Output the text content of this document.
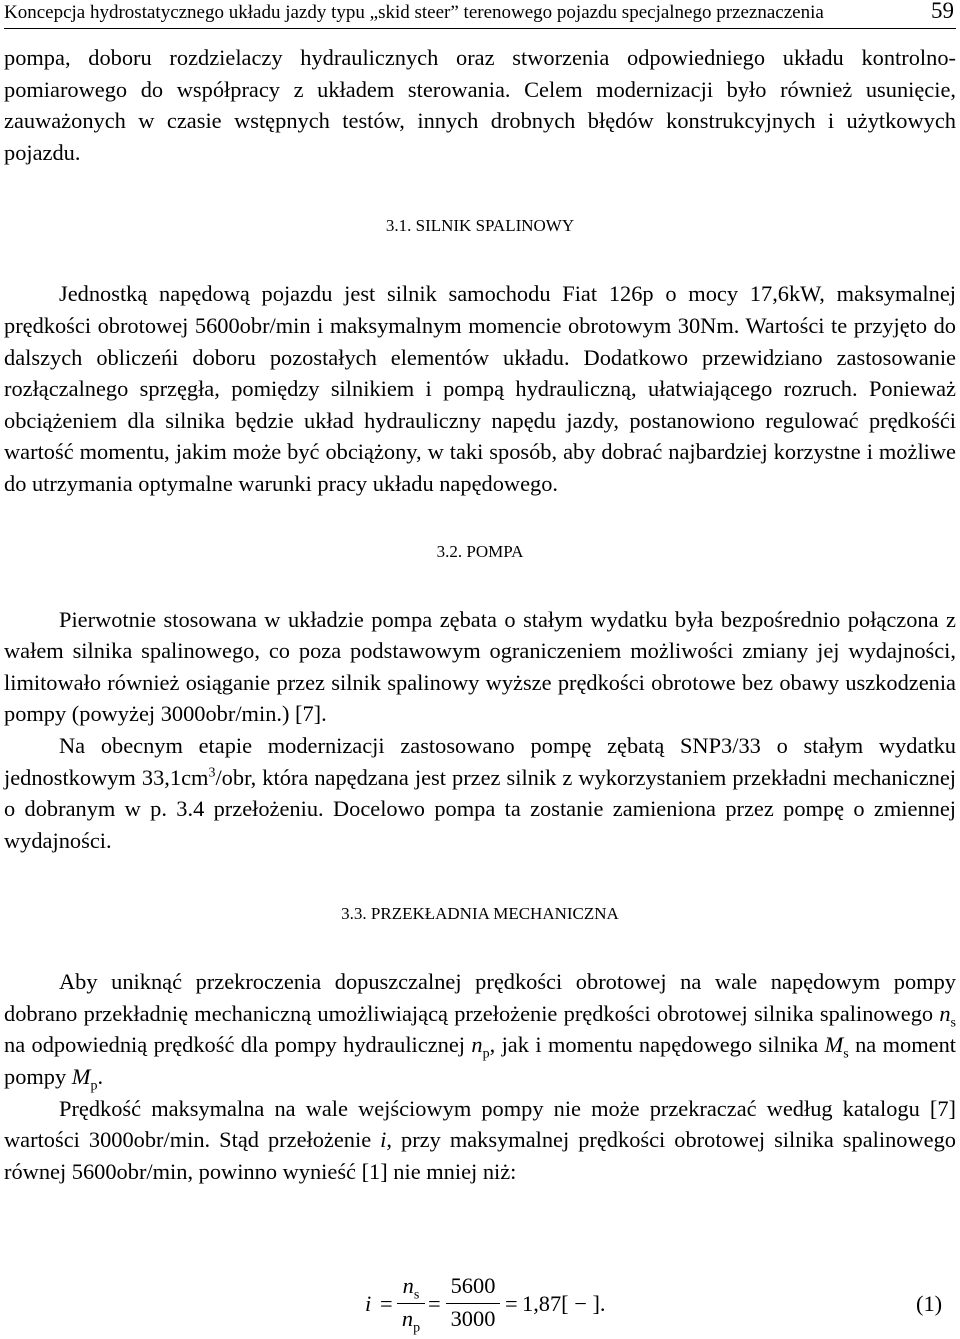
Koncepcja hydrostatycznego układu jazdy typu „skid steer” terenowego pojazdu specjalnego przeznaczenia	59

pompa, doboru rozdzielaczy hydraulicznych oraz stworzenia odpowiedniego układu kontrolno-pomiarowego do współpracy z układem sterowania. Celem modernizacji było również usunięcie, zauważonych w czasie wstępnych testów, innych drobnych błędów konstrukcyjnych i użytkowych pojazdu.

3.1. SILNIK SPALINOWY

Jednostką napędową pojazdu jest silnik samochodu Fiat 126p o mocy 17,6kW, maksymalnej prędkości obrotowej 5600obr/min i maksymalnym momencie obrotowym 30Nm. Wartości te przyjęto do dalszych obliczeńi doboru pozostałych elementów układu. Dodatkowo przewidziano zastosowanie rozłączalnego sprzęgła, pomiędzy silnikiem i pompą hydrauliczną, ułatwiającego rozruch. Ponieważ obciążeniem dla silnika będzie układ hydrauliczny napędu jazdy, postanowiono regulować prędkośći wartość momentu, jakim może być obciążony, w taki sposób, aby dobrać najbardziej korzystne i możliwe do utrzymania optymalne warunki pracy układu napędowego.

3.2. POMPA

Pierwotnie stosowana w układzie pompa zębata o stałym wydatku była bezpośrednio połączona z wałem silnika spalinowego, co poza podstawowym ograniczeniem możliwości zmiany jej wydajności, limitowało również osiąganie przez silnik spalinowy wyższe prędkości obrotowe bez obawy uszkodzenia pompy (powyżej 3000obr/min.) [7].

Na obecnym etapie modernizacji zastosowano pompę zębatą SNP3/33 o stałym wydatku jednostkowym $33,1cm^3$/obr, która napędzana jest przez silnik z wykorzystaniem przekładni mechanicznej o dobranym w p. 3.4 przełożeniu. Docelowo pompa ta zostanie zamieniona przez pompę o zmiennej wydajności.

3.3. PRZEKŁADNIA MECHANICZNA

Aby uniknąć przekroczenia dopuszczalnej prędkości obrotowej na wale napędowym pompy dobrano przekładnię mechaniczną umożliwiającą przełożenie prędkości obrotowej silnika spalinowego $n_s$ na odpowiednią prędkość dla pompy hydraulicznej $n_p$, jak i momentu napędowego silnika $M_s$ na moment pompy $M_p$.

Prędkość maksymalna na wale wejściowym pompy nie może przekraczać według katalogu [7] wartości 3000obr/min. Stąd przełożenie i, przy maksymalnej prędkości obrotowej silnika spalinowego równej 5600obr/min, powinno wynieść [1] nie mniej niż:

i =
$n_s$
$n_p$
=
5600
3000
= 1,87[ − ].	(1)
